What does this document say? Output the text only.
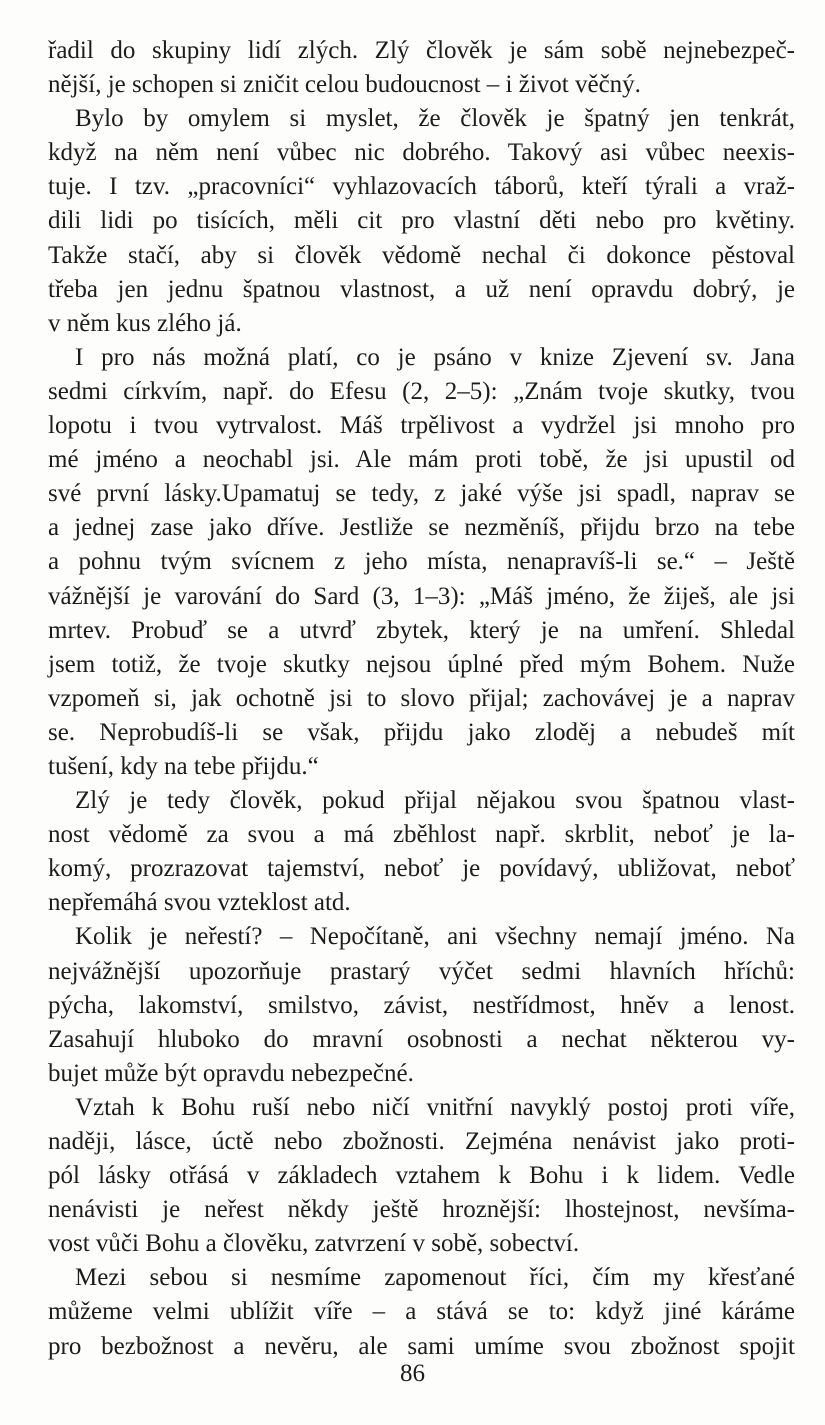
řadil do skupiny lidí zlých. Zlý člověk je sám sobě nejnebezpeč-
nější, je schopen si zničit celou budoucnost – i život věčný.
Bylo by omylem si myslet, že člověk je špatný jen tenkrát,
když na něm není vůbec nic dobrého. Takový asi vůbec neexis-
tuje. I tzv. „pracovníci“ vyhlazovacích táborů, kteří týrali a vraž-
dili lidi po tisících, měli cit pro vlastní děti nebo pro květiny.
Takže stačí, aby si člověk vědomě nechal či dokonce pěstoval
třeba jen jednu špatnou vlastnost, a už není opravdu dobrý, je
v něm kus zlého já.
I pro nás možná platí, co je psáno v knize Zjevení sv. Jana
sedmi církvím, např. do Efesu (2, 2–5): „Znám tvoje skutky, tvou
lopotu i tvou vytrvalost. Máš trpělivost a vydržel jsi mnoho pro
mé jméno a neochabl jsi. Ale mám proti tobě, že jsi upustil od
své první lásky.Upamatuj se tedy, z jaké výše jsi spadl, naprav se
a jednej zase jako dříve. Jestliže se nezměníš, přijdu brzo na tebe
a pohnu tvým svícnem z jeho místa, nenapravíš-li se.“ – Ještě
vážnější je varování do Sard (3, 1–3): „Máš jméno, že žiješ, ale jsi
mrtev. Probuď se a utvrď zbytek, který je na umření. Shledal
jsem totiž, že tvoje skutky nejsou úplné před mým Bohem. Nuže
vzpomeň si, jak ochotně jsi to slovo přijal; zachovávej je a naprav
se. Neprobudíš-li se však, přijdu jako zloděj a nebudeš mít
tušení, kdy na tebe přijdu.“
Zlý je tedy člověk, pokud přijal nějakou svou špatnou vlast-
nost vědomě za svou a má zběhlost např. skrblit, neboť je la-
komý, prozrazovat tajemství, neboť je povídavý, ubližovat, neboť
nepřemáhá svou vzteklost atd.
Kolik je neřestí? – Nepočítaně, ani všechny nemají jméno. Na
nejvážnější upozorňuje prastarý výčet sedmi hlavních hříchů:
pýcha, lakomství, smilstvo, závist, nestřídmost, hněv a lenost.
Zasahují hluboko do mravní osobnosti a nechat některou vy-
bujet může být opravdu nebezpečné.
Vztah k Bohu ruší nebo ničí vnitřní navyklý postoj proti víře,
naději, lásce, úctě nebo zbožnosti. Zejména nenávist jako proti-
pól lásky otřásá v základech vztahem k Bohu i k lidem. Vedle
nenávisti je neřest někdy ještě hroznější: lhostejnost, nevšíma-
vost vůči Bohu a člověku, zatvrzení v sobě, sobectví.
Mezi sebou si nesmíme zapomenout říci, čím my křesťané
můžeme velmi ublížit víře – a stává se to: když jiné káráme
pro bezbožnost a nevěru, ale sami umíme svou zbožnost spojit
86
